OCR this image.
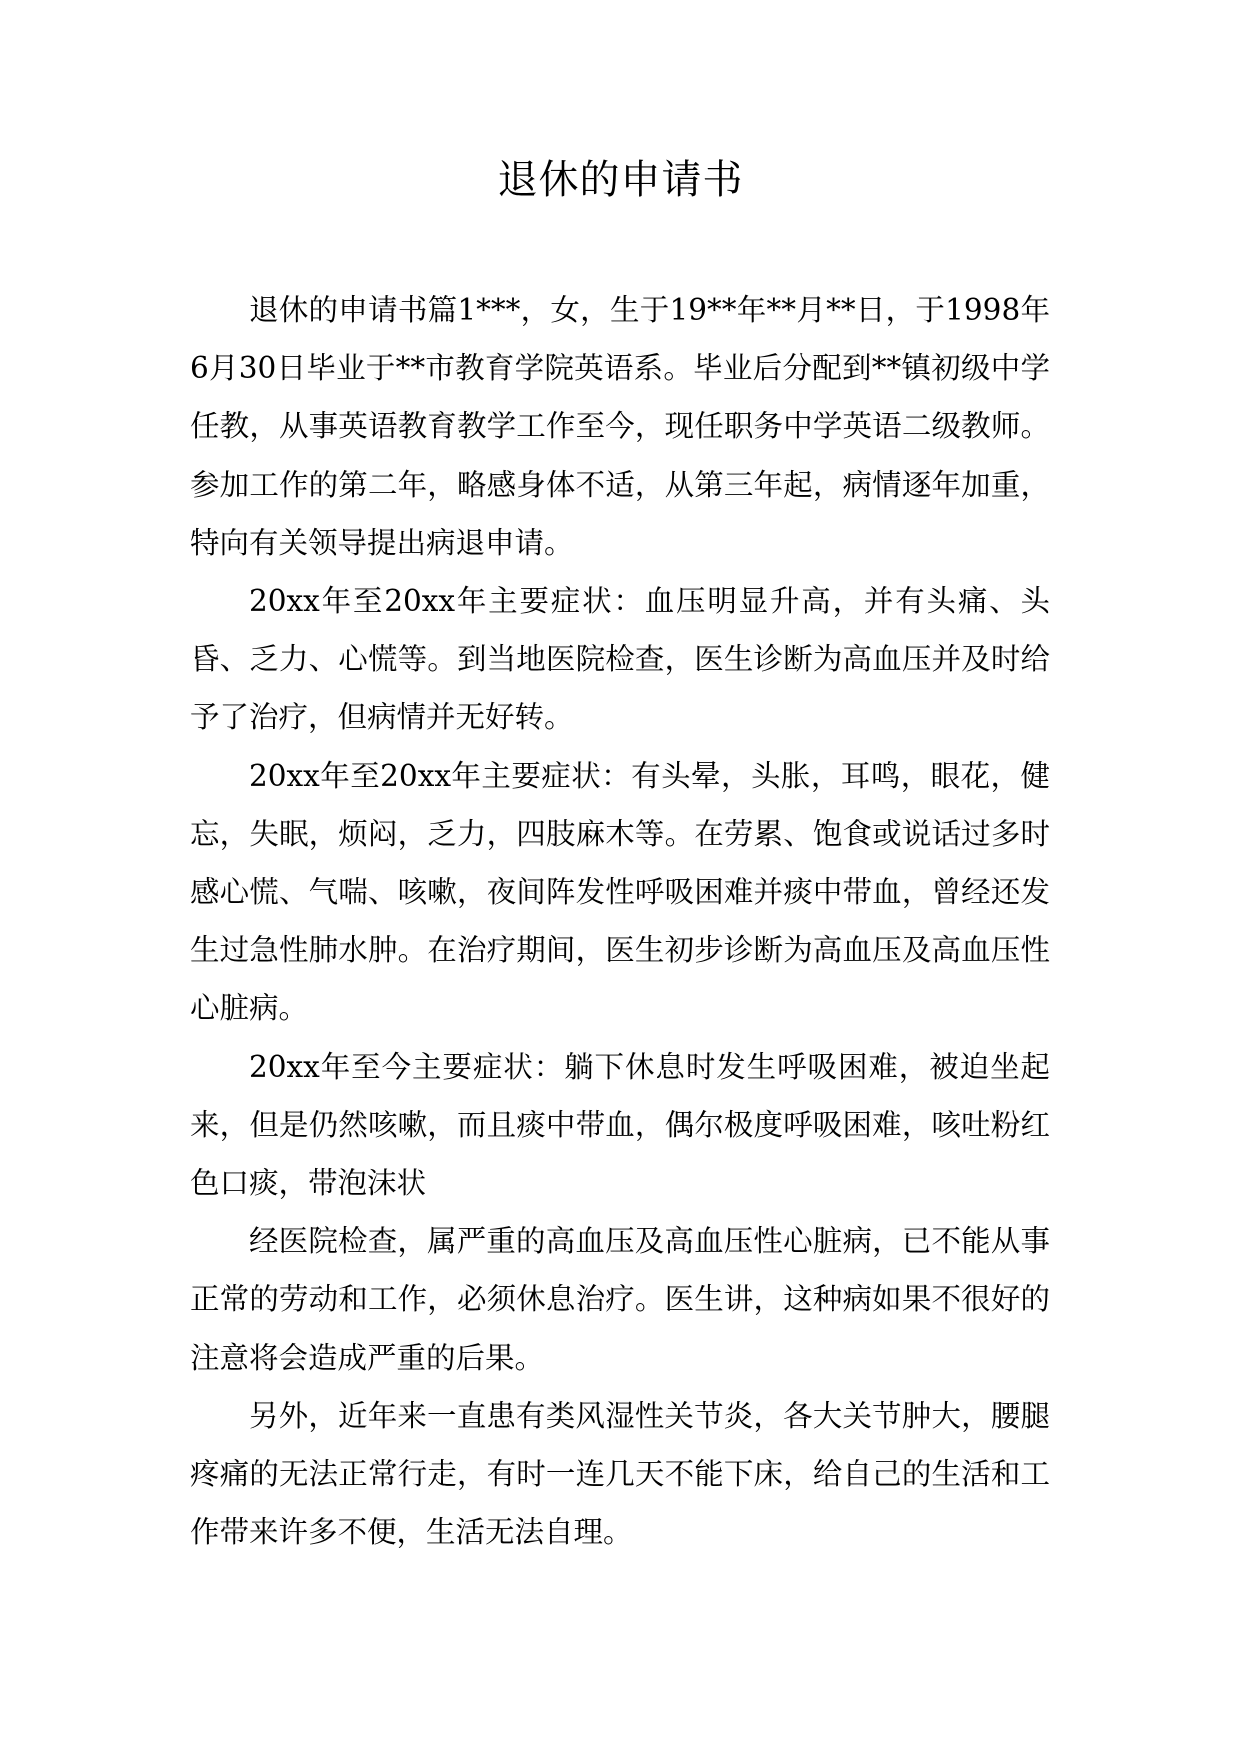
退休的申请书

退休的申请书篇1***，女，生于19**年**月**日，于1998年6月30日毕业于**市教育学院英语系。毕业后分配到**镇初级中学任教，从事英语教育教学工作至今，现任职务中学英语二级教师。参加工作的第二年，略感身体不适，从第三年起，病情逐年加重，特向有关领导提出病退申请。

20xx年至20xx年主要症状：血压明显升高，并有头痛、头昏、乏力、心慌等。到当地医院检查，医生诊断为高血压并及时给予了治疗，但病情并无好转。

20xx年至20xx年主要症状：有头晕，头胀，耳鸣，眼花，健忘，失眠，烦闷，乏力，四肢麻木等。在劳累、饱食或说话过多时感心慌、气喘、咳嗽，夜间阵发性呼吸困难并痰中带血，曾经还发生过急性肺水肿。在治疗期间，医生初步诊断为高血压及高血压性心脏病。

20xx年至今主要症状：躺下休息时发生呼吸困难，被迫坐起来，但是仍然咳嗽，而且痰中带血，偶尔极度呼吸困难，咳吐粉红色口痰，带泡沫状

经医院检查，属严重的高血压及高血压性心脏病，已不能从事正常的劳动和工作，必须休息治疗。医生讲，这种病如果不很好的注意将会造成严重的后果。

另外，近年来一直患有类风湿性关节炎，各大关节肿大，腰腿疼痛的无法正常行走，有时一连几天不能下床，给自己的生活和工作带来许多不便，生活无法自理。
